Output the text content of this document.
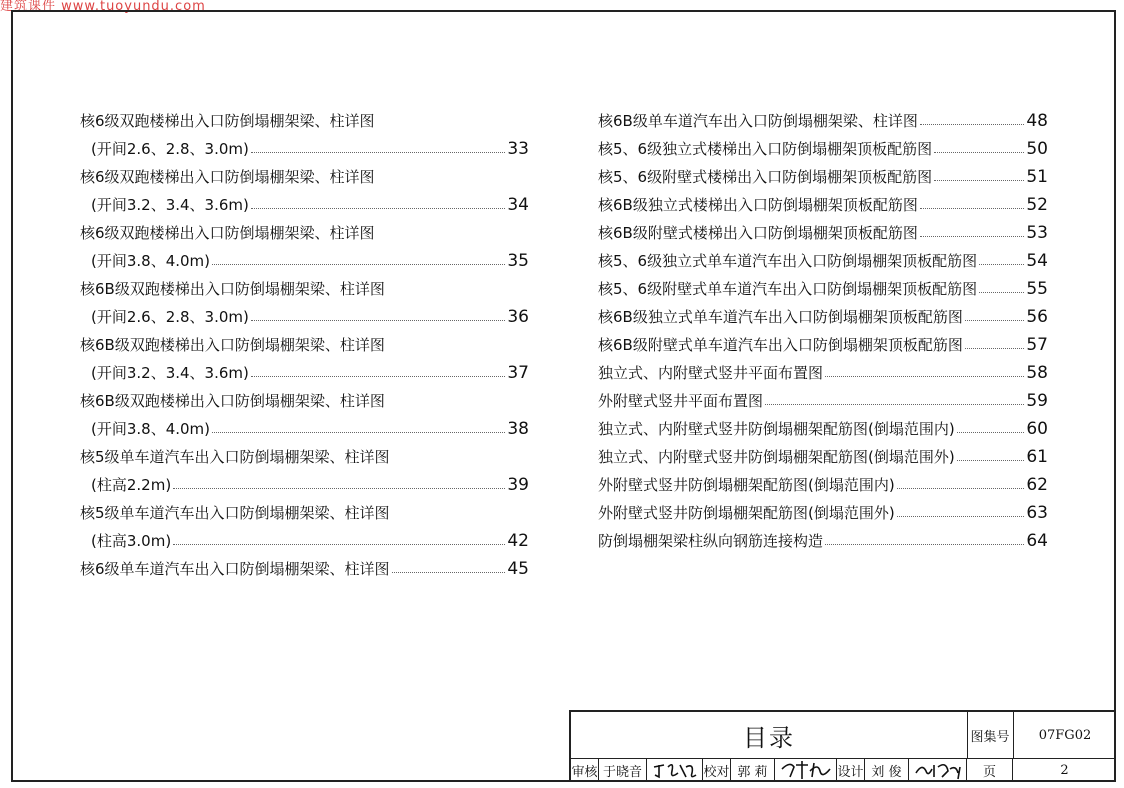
建筑课件 www.tuoyundu.com
核6级双跑楼梯出入口防倒塌棚架梁、柱详图
(开间2.6、2.8、3.0m)	33
核6级双跑楼梯出入口防倒塌棚架梁、柱详图
(开间3.2、3.4、3.6m)	34
核6级双跑楼梯出入口防倒塌棚架梁、柱详图
(开间3.8、4.0m)	35
核6B级双跑楼梯出入口防倒塌棚架梁、柱详图
(开间2.6、2.8、3.0m)	36
核6B级双跑楼梯出入口防倒塌棚架梁、柱详图
(开间3.2、3.4、3.6m)	37
核6B级双跑楼梯出入口防倒塌棚架梁、柱详图
(开间3.8、4.0m)	38
核5级单车道汽车出入口防倒塌棚架梁、柱详图
(柱高2.2m)	39
核5级单车道汽车出入口防倒塌棚架梁、柱详图
(柱高3.0m)	42
核6级单车道汽车出入口防倒塌棚架梁、柱详图	45
核6B级单车道汽车出入口防倒塌棚架梁、柱详图	48
核5、6级独立式楼梯出入口防倒塌棚架顶板配筋图	50
核5、6级附壁式楼梯出入口防倒塌棚架顶板配筋图	51
核6B级独立式楼梯出入口防倒塌棚架顶板配筋图	52
核6B级附壁式楼梯出入口防倒塌棚架顶板配筋图	53
核5、6级独立式单车道汽车出入口防倒塌棚架顶板配筋图	54
核5、6级附壁式单车道汽车出入口防倒塌棚架顶板配筋图	55
核6B级独立式单车道汽车出入口防倒塌棚架顶板配筋图	56
核6B级附壁式单车道汽车出入口防倒塌棚架顶板配筋图	57
独立式、内附壁式竖井平面布置图	58
外附壁式竖井平面布置图	59
独立式、内附壁式竖井防倒塌棚架配筋图(倒塌范围内)	60
独立式、内附壁式竖井防倒塌棚架配筋图(倒塌范围外)	61
外附壁式竖井防倒塌棚架配筋图(倒塌范围内)	62
外附壁式竖井防倒塌棚架配筋图(倒塌范围外)	63
防倒塌棚架梁柱纵向钢筋连接构造	64
目录	图集号	07FG02
审核 于晓音	校对 郭 莉	设计 刘 俊	页	2
